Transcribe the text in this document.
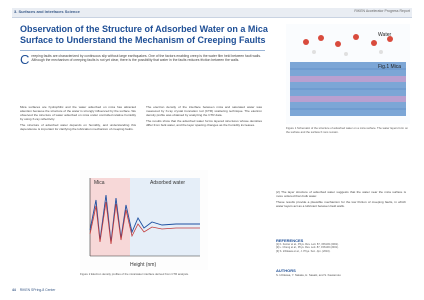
3. Surfaces and Interfaces Science	RIKEN Accelerator Progress Report
Observation of the Structure of Adsorbed Water on a Mica Surface to Understand the Mechanism of Creeping Faults
C reeping faults are characterized by continuous slip without large earthquakes. One of the factors enabling creep is the water film held between fault walls. Although the mechanism of creeping faults is not yet clear, there is the possibility that water in the faults reduces friction between the walls.

Mica surfaces are hydrophilic and the water adsorbed on mica has attracted attention because the structure of the water is strongly influenced by the surface. We observed the structure of water adsorbed on mica under controlled relative humidity by using X-ray reflectivity.

The structure of adsorbed water depends on humidity, and understanding this dependence is important for clarifying the lubrication mechanism of creeping faults.

The electron density of the interface between mica and saturated water was measured by X-ray crystal truncation rod (CTR) scattering technique. The electron density profile was obtained by analyzing the CTR data.

The results show that the adsorbed water forms layered structures whose densities differ from bulk water, and the layer spacing changes as the humidity increases.

Fig.1 Mica
Water
Figure 1 Schematic of the structure of adsorbed water on a mica surface. The water layers form on the surface and the surface K ions remain.
Mica	Adsorbed water
Height (nm)
Figure 2 Electron density profiles of the mica/water interface derived from CTR analysis.

(2) The layer structure of adsorbed water suggests that the water near the mica surface is more ordered than bulk water.

These results provide a plausible mechanism for the low friction of creeping faults, in which water layers act as a lubricant between fault walls.

REFERENCES
[1] K. Fenter et al., Phys. Rev. Lett. 87, 156103 (2001).
[2] L. Cheng et al., Phys. Rev. Lett. 87, 156103 (2001).
[3] S. Ichikawa et al., J. Phys. Soc. Jpn. (2010).
AUTHORS
S. Ichikawa, Y. Nakata, H. Sasaki, and S. Kawamoto
44 RIKEN SPring-8 Center
